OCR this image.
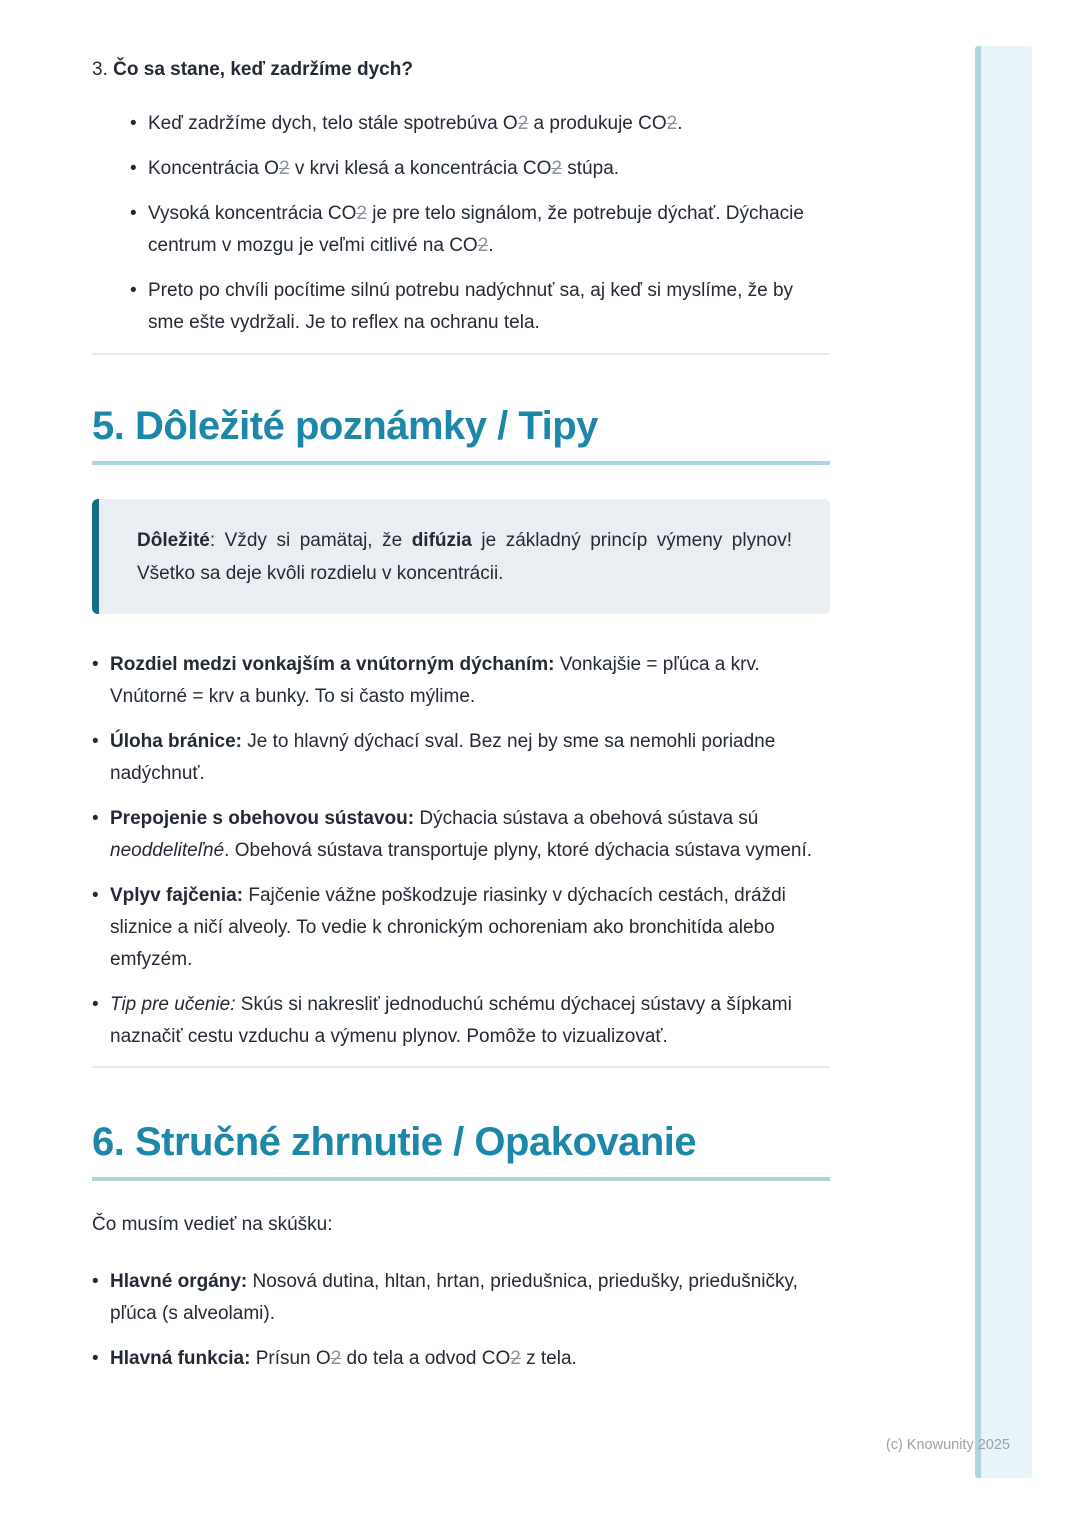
3. Čo sa stane, keď zadržíme dych?
• Keď zadržíme dych, telo stále spotrebúva O2 a produkuje CO2.
• Koncentrácia O2 v krvi klesá a koncentrácia CO2 stúpa.
• Vysoká koncentrácia CO2 je pre telo signálom, že potrebuje dýchať. Dýchacie centrum v mozgu je veľmi citlivé na CO2.
• Preto po chvíli pocítime silnú potrebu nadýchnuť sa, aj keď si myslíme, že by sme ešte vydržali. Je to reflex na ochranu tela.
5. Dôležité poznámky / Tipy
Dôležité: Vždy si pamätaj, že difúzia je základný princíp výmeny plynov! Všetko sa deje kvôli rozdielu v koncentrácii.
• Rozdiel medzi vonkajším a vnútorným dýchaním: Vonkajšie = pľúca a krv. Vnútorné = krv a bunky. To si často mýlime.
• Úloha bránice: Je to hlavný dýchací sval. Bez nej by sme sa nemohli poriadne nadýchnuť.
• Prepojenie s obehovou sústavou: Dýchacia sústava a obehová sústava sú neoddeliteľné. Obehová sústava transportuje plyny, ktoré dýchacia sústava vymení.
• Vplyv fajčenia: Fajčenie vážne poškodzuje riasinky v dýchacích cestách, dráždi sliznice a ničí alveoly. To vedie k chronickým ochoreniam ako bronchitída alebo emfyzém.
• Tip pre učenie: Skús si nakresliť jednoduchú schému dýchacej sústavy a šípkami naznačiť cestu vzduchu a výmenu plynov. Pomôže to vizualizovať.
6. Stručné zhrnutie / Opakovanie

Čo musím vedieť na skúšku:

• Hlavné orgány: Nosová dutina, hltan, hrtan, priedušnica, priedušky, priedušničky, pľúca (s alveolami).
• Hlavná funkcia: Prísun O2 do tela a odvod CO2 z tela.
(c) Knowunity 2025
